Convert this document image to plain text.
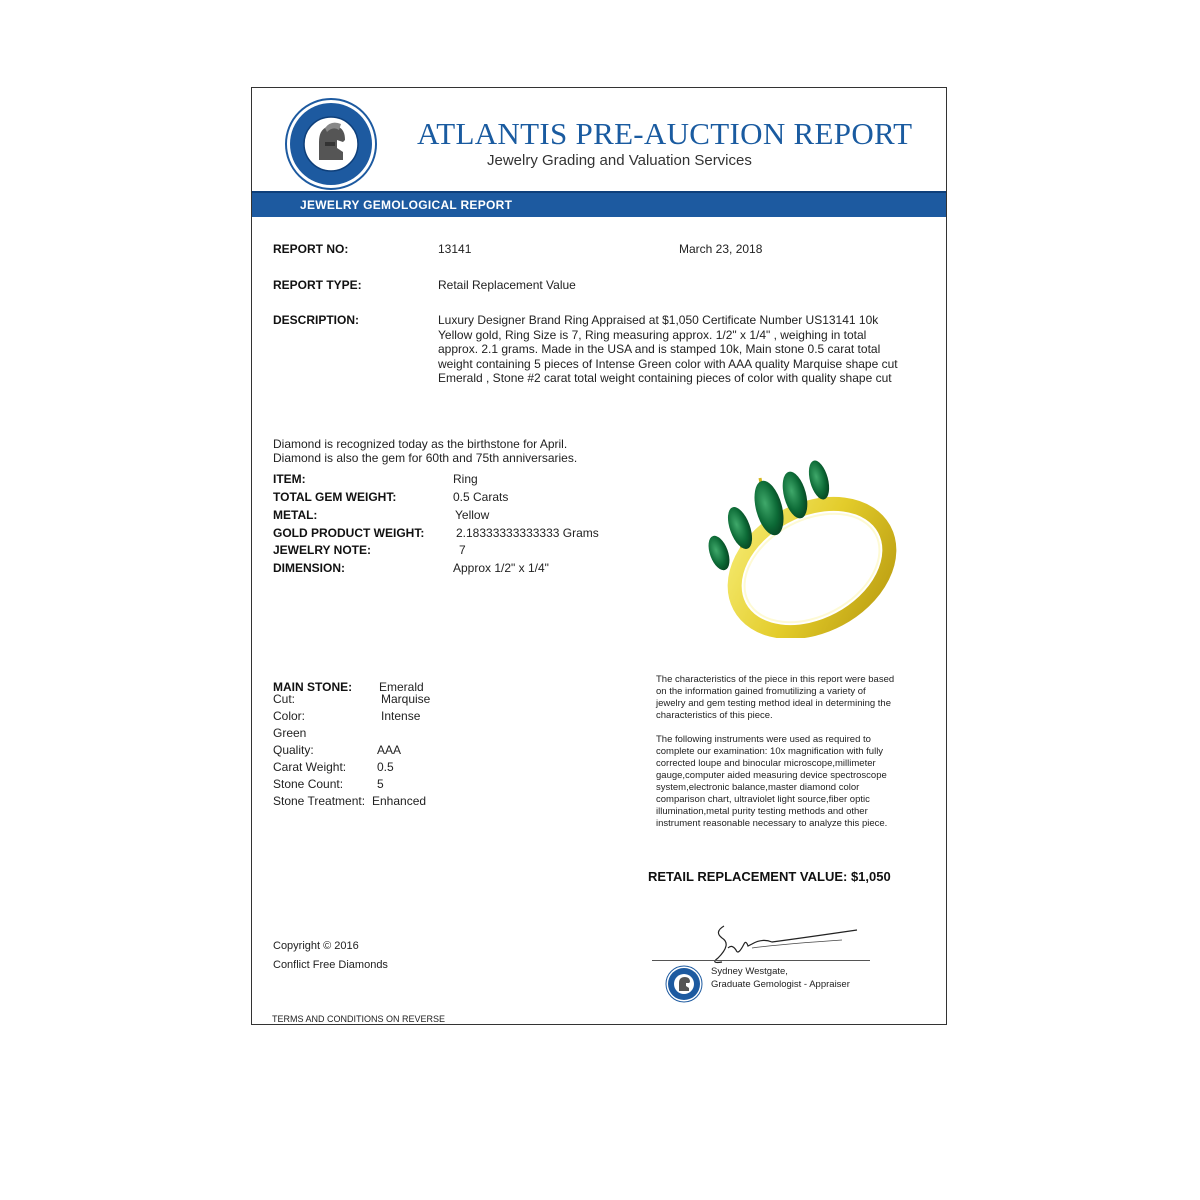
ATLANTIS PRE-AUCTION REPORT
Jewelry Grading and Valuation Services
JEWELRY GEMOLOGICAL REPORT
REPORT NO:	13141	March 23, 2018
REPORT TYPE:	Retail Replacement Value
DESCRIPTION:	Luxury Designer Brand Ring Appraised at $1,050 Certificate Number US13141 10k Yellow gold, Ring Size is 7, Ring measuring approx. 1/2" x 1/4" , weighing in total approx. 2.1 grams. Made in the USA and is stamped 10k, Main stone 0.5 carat total weight containing 5 pieces of Intense Green color with AAA quality Marquise shape cut Emerald , Stone #2 carat total weight containing pieces of color with quality shape cut
Diamond is recognized today as the birthstone for April.
Diamond is also the gem for 60th and 75th anniversaries.
ITEM:	Ring
TOTAL GEM WEIGHT:	0.5 Carats
METAL:	Yellow
GOLD PRODUCT WEIGHT:	2.18333333333333 Grams
JEWELRY NOTE:	7
DIMENSION:	Approx 1/2" x 1/4"
MAIN STONE: Emerald
Cut:	Marquise
Color:	Intense
Green
Quality:	AAA
Carat Weight:	0.5
Stone Count:	5
Stone Treatment: Enhanced
The characteristics of the piece in this report were based
on the information gained fromutilizing a variety of
jewelry and gem testing method ideal in determining the
characteristics of this piece.
The following instruments were used as required to
complete our examination: 10x magnification with fully
corrected loupe and binocular microscope,millimeter
gauge,computer aided measuring device spectroscope
system,electronic balance,master diamond color
comparison chart, ultraviolet light source,fiber optic
illumination,metal purity testing methods and other
instrument reasonable necessary to analyze this piece.
RETAIL REPLACEMENT VALUE: $1,050
Copyright © 2016
Conflict Free Diamonds
Sydney Westgate,
Graduate Gemologist - Appraiser
TERMS AND CONDITIONS ON REVERSE
